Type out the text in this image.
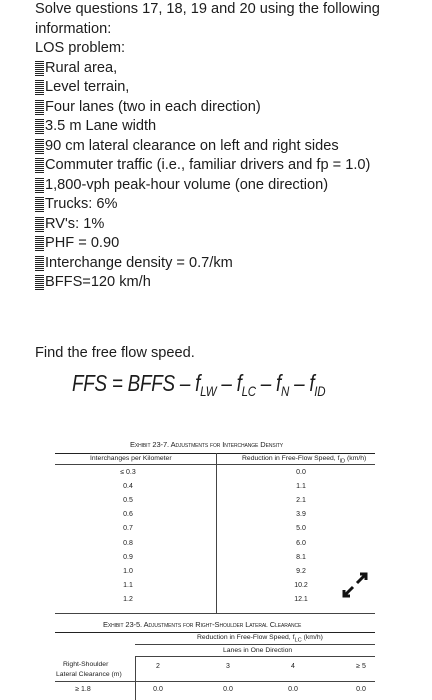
Solve questions 17, 18, 19 and 20 using the following information:

LOS problem:

Rural area,
Level terrain,
Four lanes (two in each direction)
3.5 m Lane width
90 cm lateral clearance on left and right sides
Commuter traffic (i.e., familiar drivers and fp = 1.0)
1,800-vph peak-hour volume (one direction)
Trucks: 6%
RV's: 1%
PHF = 0.90
Interchange density = 0.7/km
BFFS=120 km/h
Find the free flow speed.
FFS = BFFS – $f_{LW} - f_{LC} - f_N - f_{ID}$
Exhibit 23-7. Adjustments for Interchange Density
Interchanges per Kilometer	Reduction in Free-Flow Speed, $f_{ID}$ (km/h)
≤ 0.3	0.0
0.4	1.1
0.5	2.1
0.6	3.9
0.7	5.0
0.8	6.0
0.9	8.1
1.0	9.2
1.1	10.2
1.2	12.1
Exhibit 23-5. Adjustments for Right-Shoulder Lateral Clearance
Reduction in Free-Flow Speed, $f_{LC}$ (km/h)
Lanes in One Direction
Right-Shoulder
Lateral Clearance (m)
2	3	4	≥ 5
≥ 1.8	0.0	0.0	0.0	0.0
